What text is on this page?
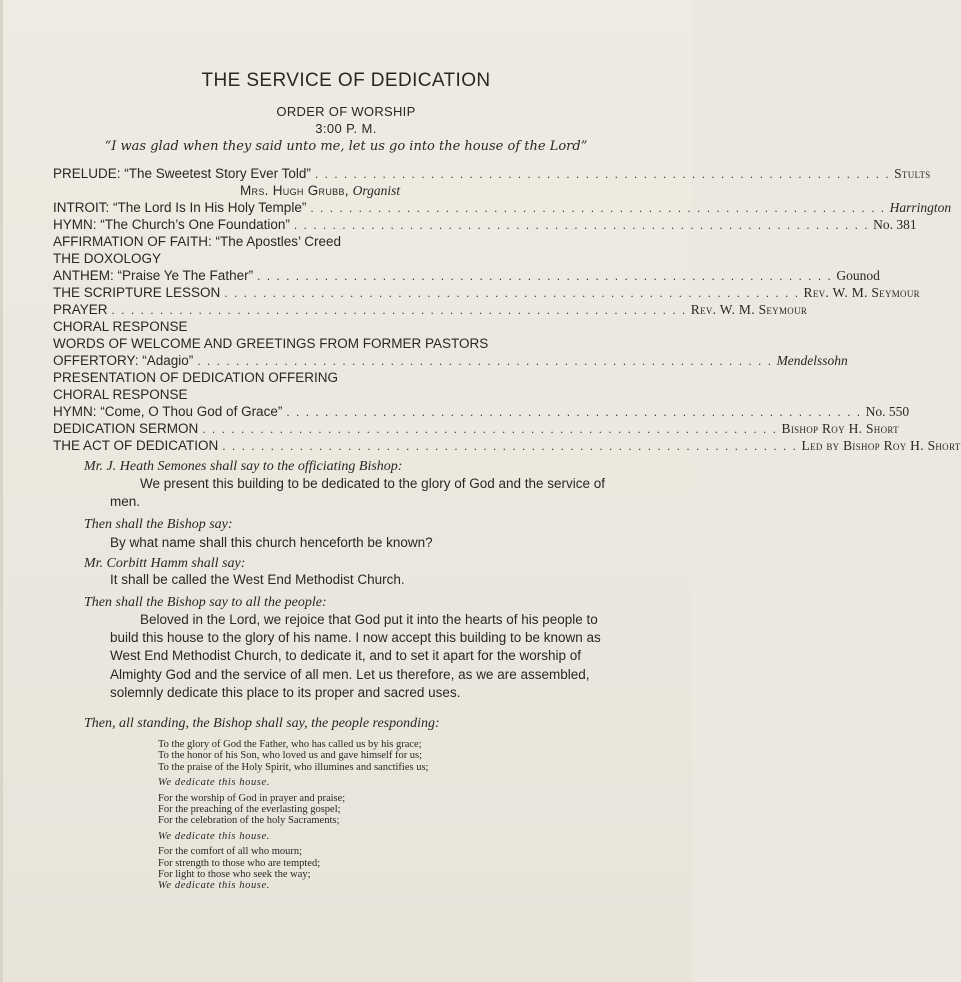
THE SERVICE OF DEDICATION
ORDER OF WORSHIP
3:00 P. M.
“I was glad when they said unto me, let us go into the house of the Lord”
PRELUDE: “The Sweetest Story Ever Told” . . . . . . . . . . . . . . . . . . . . . . . . . . . . . . . . . . . . . . . . . . . . . . . . . . . . . . . . . . . . Stults
Mrs. Hugh Grubb, Organist
INTROIT: “The Lord Is In His Holy Temple” . . . . . . . . . . . . . . . . . . . . . . . . . . . . . . . . . . . . . . . . . . . . . . . . . . . . . . . . . . . . Harrington
HYMN: “The Church’s One Foundation” . . . . . . . . . . . . . . . . . . . . . . . . . . . . . . . . . . . . . . . . . . . . . . . . . . . . . . . . . . . . No. 381
AFFIRMATION OF FAITH: “The Apostles’ Creed
THE DOXOLOGY
ANTHEM: “Praise Ye The Father” . . . . . . . . . . . . . . . . . . . . . . . . . . . . . . . . . . . . . . . . . . . . . . . . . . . . . . . . . . . . Gounod
THE SCRIPTURE LESSON . . . . . . . . . . . . . . . . . . . . . . . . . . . . . . . . . . . . . . . . . . . . . . . . . . . . . . . . . . . . Rev. W. M. Seymour
PRAYER . . . . . . . . . . . . . . . . . . . . . . . . . . . . . . . . . . . . . . . . . . . . . . . . . . . . . . . . . . . . Rev. W. M. Seymour
CHORAL RESPONSE
WORDS OF WELCOME AND GREETINGS FROM FORMER PASTORS
OFFERTORY: “Adagio” . . . . . . . . . . . . . . . . . . . . . . . . . . . . . . . . . . . . . . . . . . . . . . . . . . . . . . . . . . . . Mendelssohn
PRESENTATION OF DEDICATION OFFERING
CHORAL RESPONSE
HYMN: “Come, O Thou God of Grace” . . . . . . . . . . . . . . . . . . . . . . . . . . . . . . . . . . . . . . . . . . . . . . . . . . . . . . . . . . . . No. 550
DEDICATION SERMON . . . . . . . . . . . . . . . . . . . . . . . . . . . . . . . . . . . . . . . . . . . . . . . . . . . . . . . . . . . . Bishop Roy H. Short
THE ACT OF DEDICATION . . . . . . . . . . . . . . . . . . . . . . . . . . . . . . . . . . . . . . . . . . . . . . . . . . . . . . . . . . . . Led by Bishop Roy H. Short
Mr. J. Heath Semones shall say to the officiating Bishop:
We present this building to be dedicated to the glory of God and the service of men.
Then shall the Bishop say:
By what name shall this church henceforth be known?
Mr. Corbitt Hamm shall say:
It shall be called the West End Methodist Church.
Then shall the Bishop say to all the people:
Beloved in the Lord, we rejoice that God put it into the hearts of his people to build this house to the glory of his name. I now accept this building to be known as West End Methodist Church, to dedicate it, and to set it apart for the worship of Almighty God and the service of all men. Let us therefore, as we are assembled, solemnly dedicate this place to its proper and sacred uses.
Then, all standing, the Bishop shall say, the people responding:
To the glory of God the Father, who has called us by his grace;
To the honor of his Son, who loved us and gave himself for us;
To the praise of the Holy Spirit, who illumines and sanctifies us;
We dedicate this house.
For the worship of God in prayer and praise;
For the preaching of the everlasting gospel;
For the celebration of the holy Sacraments;
We dedicate this house.
For the comfort of all who mourn;
For strength to those who are tempted;
For light to those who seek the way;
We dedicate this house.
